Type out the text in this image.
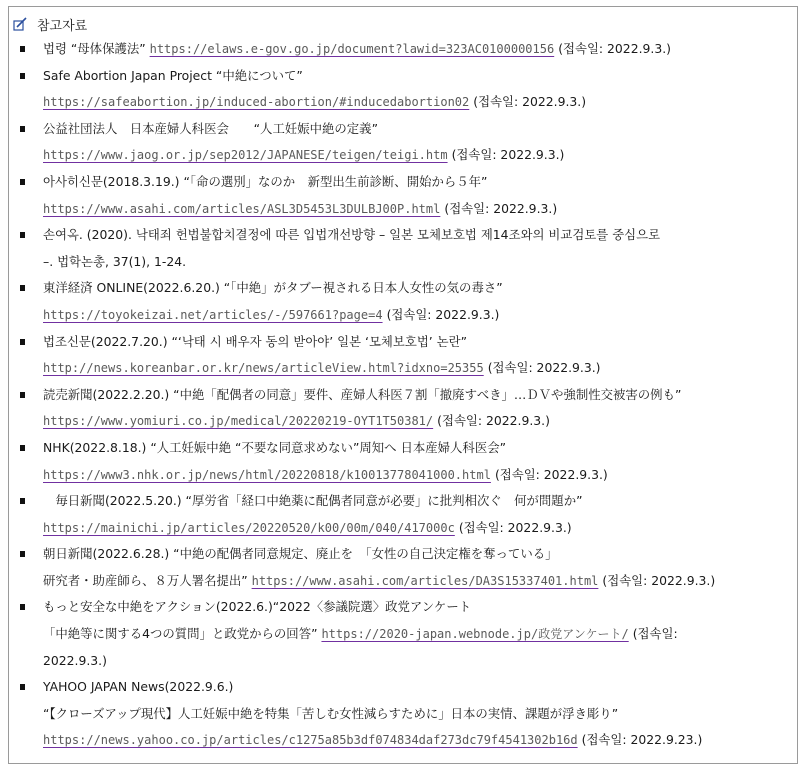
참고자료
법령 “母体保護法” https://elaws.e-gov.go.jp/document?lawid=323AC0100000156 (접속일: 2022.9.3.)
Safe Abortion Japan Project “中絶について”
https://safeabortion.jp/induced-abortion/#inducedabortion02 (접속일: 2022.9.3.)
公益社団法人　日本産婦人科医会　　“人工妊娠中絶の定義”
https://www.jaog.or.jp/sep2012/JAPANESE/teigen/teigi.htm (접속일: 2022.9.3.)
아사히신문(2018.3.19.) “「命の選別」なのか　新型出生前診断、開始から５年”
https://www.asahi.com/articles/ASL3D5453L3DULBJ00P.html (접속일: 2022.9.3.)
손여옥. (2020). 낙태죄 헌법불합치결정에 따른 입법개선방향 – 일본 모체보호법 제14조와의 비교검토를 중심으로
–. 법학논총, 37(1), 1-24.
東洋経済 ONLINE(2022.6.20.) “「中絶」がタブー視される日本人女性の気の毒さ”
https://toyokeizai.net/articles/-/597661?page=4 (접속일: 2022.9.3.)
법조신문(2022.7.20.) “‘낙태 시 배우자 동의 받아야’ 일본 ‘모체보호법’ 논란”
http://news.koreanbar.or.kr/news/articleView.html?idxno=25355 (접속일: 2022.9.3.)
読売新聞(2022.2.20.) “中絶「配偶者の同意」要件、産婦人科医７割「撤廃すべき」…ＤＶや強制性交被害の例も”
https://www.yomiuri.co.jp/medical/20220219-OYT1T50381/ (접속일: 2022.9.3.)
NHK(2022.8.18.) “人工妊娠中絶 “不要な同意求めない”周知へ 日本産婦人科医会”
https://www3.nhk.or.jp/news/html/20220818/k10013778041000.html (접속일: 2022.9.3.)
　毎日新聞(2022.5.20.) “厚労省「経口中絶薬に配偶者同意が必要」に批判相次ぐ　何が問題か”
https://mainichi.jp/articles/20220520/k00/00m/040/417000c (접속일: 2022.9.3.)
朝日新聞(2022.6.28.) “中絶の配偶者同意規定、廃止を　「女性の自己決定権を奪っている」
研究者・助産師ら、８万人署名提出” https://www.asahi.com/articles/DA3S15337401.html (접속일: 2022.9.3.)
もっと安全な中絶をアクション(2022.6.)“2022〈参議院選〉政党アンケート
「中絶等に関する4つの質問」と政党からの回答” https://2020-japan.webnode.jp/政党アンケート/ (접속일:
2022.9.3.)
YAHOO JAPAN News(2022.9.6.)
“【クローズアップ現代】人工妊娠中絶を特集「苦しむ女性減らすために」日本の実情、課題が浮き彫り”
https://news.yahoo.co.jp/articles/c1275a85b3df074834daf273dc79f4541302b16d (접속일: 2022.9.23.)
